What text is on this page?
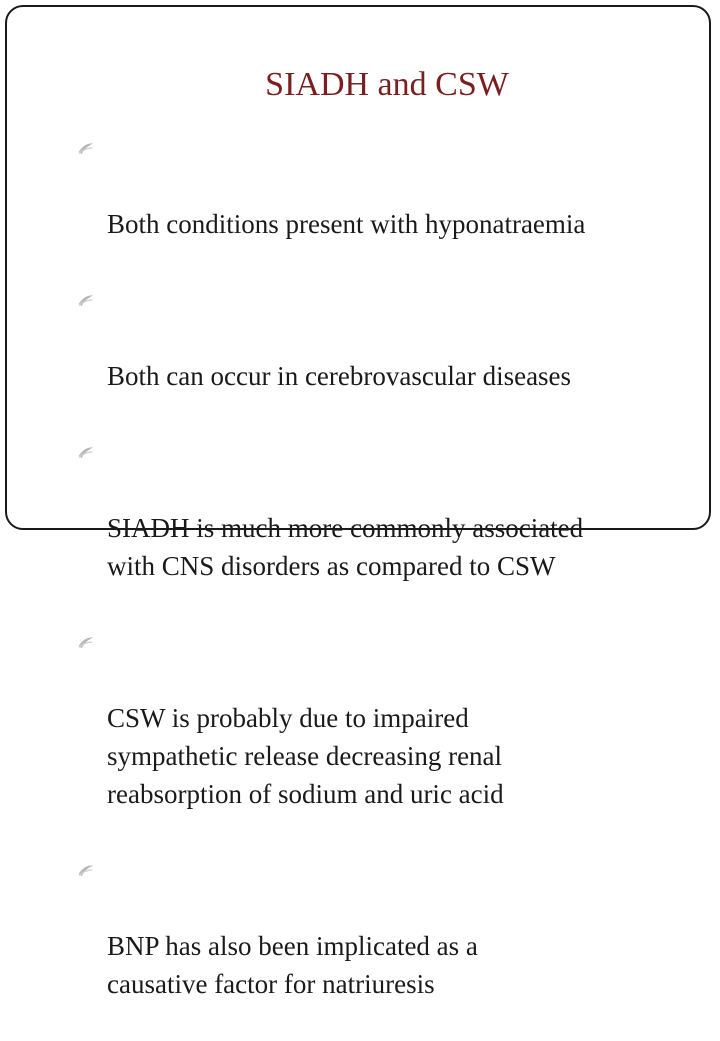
SIADH and CSW

Both conditions present with hyponatraemia

Both can occur in cerebrovascular diseases

SIADH is much more commonly associated
with CNS disorders as compared to CSW

CSW is probably due to impaired
sympathetic release decreasing renal
reabsorption of sodium and uric acid

BNP has also been implicated as a
causative factor for natriuresis
